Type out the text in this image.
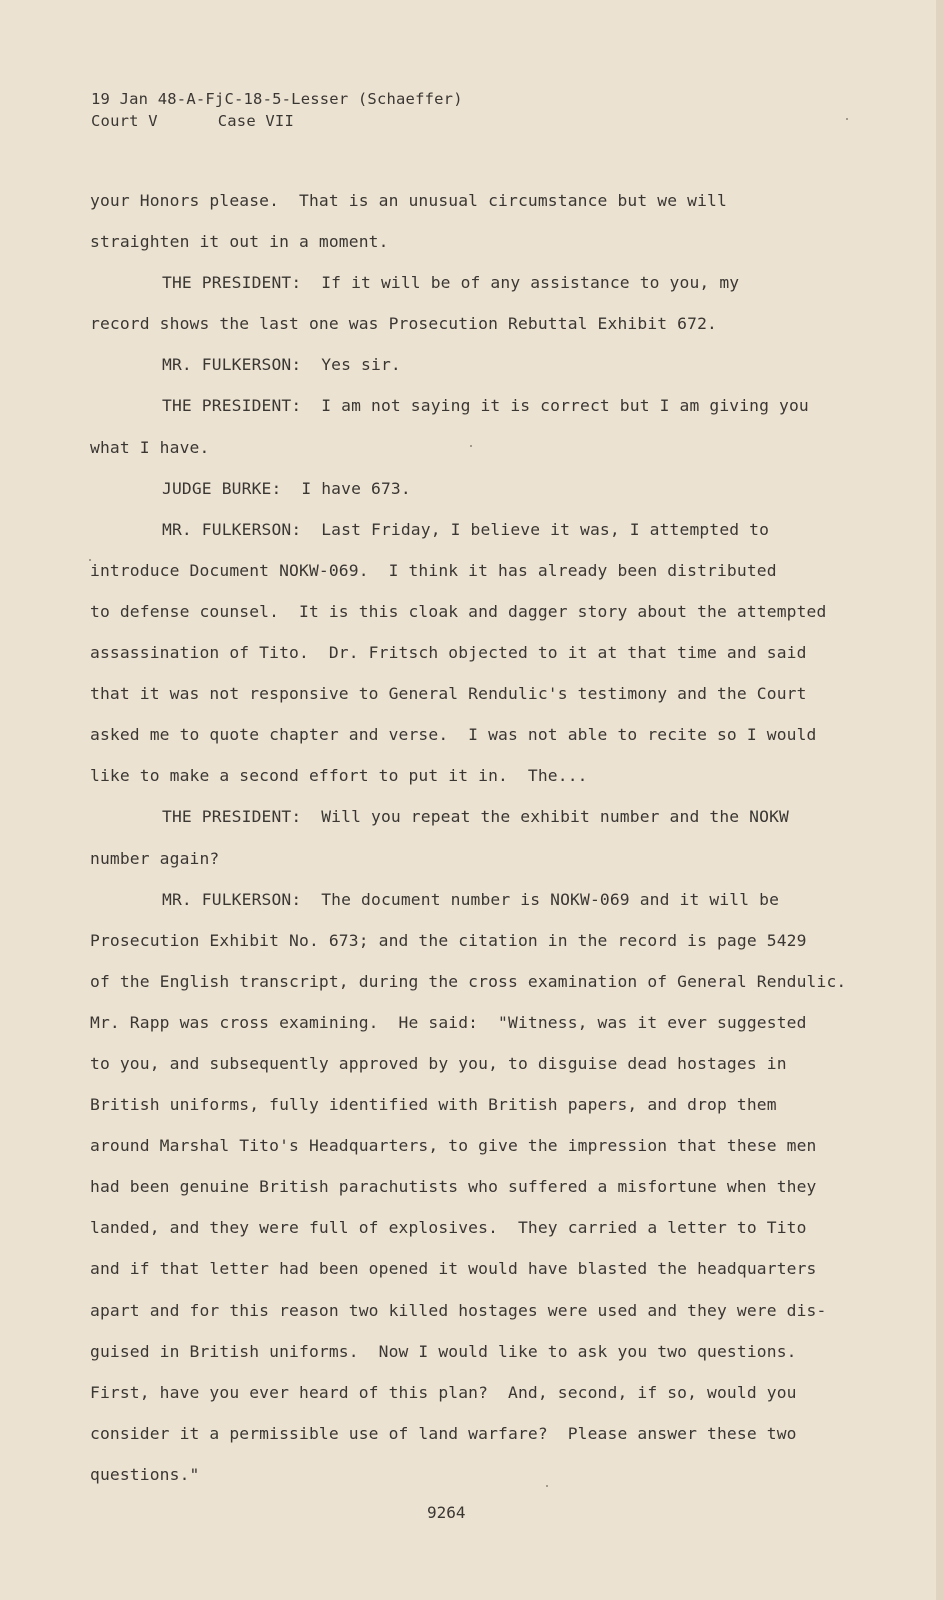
19 Jan 48-A-FjC-18-5-Lesser (Schaeffer)
Court V	Case VII
your Honors please.  That is an unusual circumstance but we will
straighten it out in a moment.
THE PRESIDENT:  If it will be of any assistance to you, my
record shows the last one was Prosecution Rebuttal Exhibit 672.
MR. FULKERSON:  Yes sir.
THE PRESIDENT:  I am not saying it is correct but I am giving you
what I have.
JUDGE BURKE:  I have 673.
MR. FULKERSON:  Last Friday, I believe it was, I attempted to
introduce Document NOKW-069.  I think it has already been distributed
to defense counsel.  It is this cloak and dagger story about the attempted
assassination of Tito.  Dr. Fritsch objected to it at that time and said
that it was not responsive to General Rendulic's testimony and the Court
asked me to quote chapter and verse.  I was not able to recite so I would
like to make a second effort to put it in.  The...
THE PRESIDENT:  Will you repeat the exhibit number and the NOKW
number again?
MR. FULKERSON:  The document number is NOKW-069 and it will be
Prosecution Exhibit No. 673; and the citation in the record is page 5429
of the English transcript, during the cross examination of General Rendulic.
Mr. Rapp was cross examining.  He said:  "Witness, was it ever suggested
to you, and subsequently approved by you, to disguise dead hostages in
British uniforms, fully identified with British papers, and drop them
around Marshal Tito's Headquarters, to give the impression that these men
had been genuine British parachutists who suffered a misfortune when they
landed, and they were full of explosives.  They carried a letter to Tito
and if that letter had been opened it would have blasted the headquarters
apart and for this reason two killed hostages were used and they were dis-
guised in British uniforms.  Now I would like to ask you two questions.
First, have you ever heard of this plan?  And, second, if so, would you
consider it a permissible use of land warfare?  Please answer these two
questions."
9264
